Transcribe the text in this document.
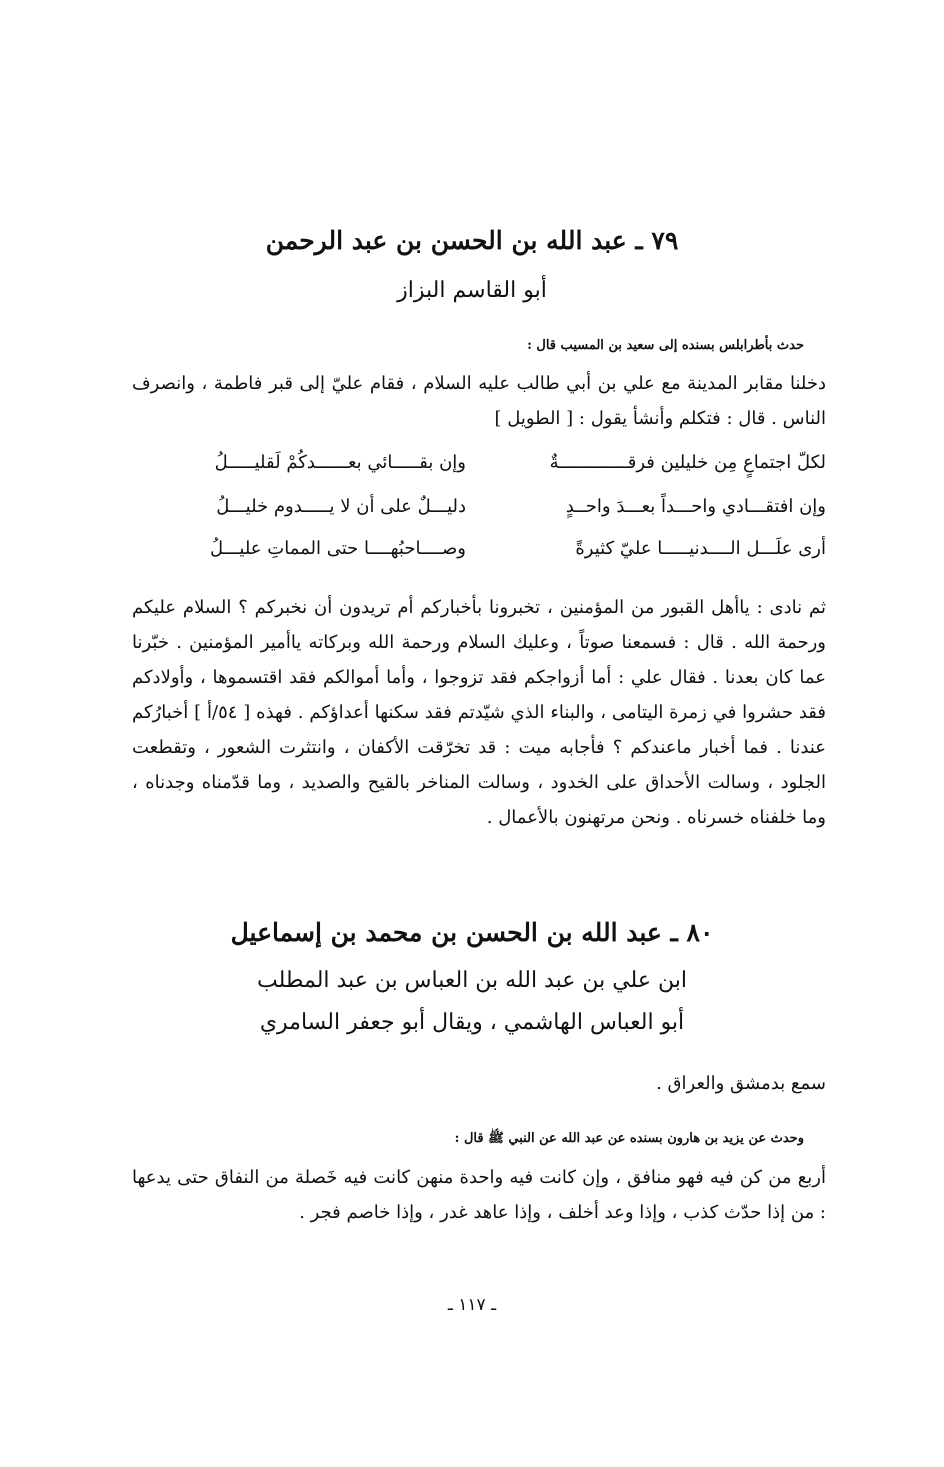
٧٩ ـ عبد الله بن الحسن بن عبد الرحمن
أبو القاسم البزاز
حدث بأطرابلس بسنده إلى سعيد بن المسيب قال :
دخلنا مقابر المدينة مع علي بن أبي طالب عليه السلام ، فقام عليّ إلى قبر فاطمة ، وانصرف الناس . قال : فتكلم وأنشأ يقول : [ الطويل ]
لكلّ اجتماعٍ مِن خليلين فرقـــــــــــــةٌ
وإن بقـــــائي بعــــــدكُمْ لَقليـــــلُ
وإن افتقـــادي واحـــداً بعـــدَ واحــدٍ
دليـــلٌ على أن لا يـــــدوم خليـــلُ
أرى علَـــل الــــدنيـــــا عليّ كثيرةً
وصــــاحبُهــــا حتى المماتِ عليـــلُ
ثم نادى : ياأهل القبور من المؤمنين ، تخبرونا بأخباركم أم تريدون أن نخبركم ؟ السلام عليكم ورحمة الله . قال : فسمعنا صوتاً ، وعليك السلام ورحمة الله وبركاته ياأمير المؤمنين . خبّرنا عما كان بعدنا . فقال علي : أما أزواجكم فقد تزوجوا ، وأما أموالكم فقد اقتسموها ، وأولادكم فقد حشروا في زمرة اليتامى ، والبناء الذي شيّدتم فقد سكنها أعداؤكم . فهذه [ ٥٤/أ ] أخبارُكم عندنا . فما أخبار ماعندكم ؟ فأجابه ميت : قد تخرّقت الأكفان ، وانتثرت الشعور ، وتقطعت الجلود ، وسالت الأحداق على الخدود ، وسالت المناخر بالقيح والصديد ، وما قدّمناه وجدناه ، وما خلفناه خسرناه . ونحن مرتهنون بالأعمال .
٨٠ ـ عبد الله بن الحسن بن محمد بن إسماعيل
ابن علي بن عبد الله بن العباس بن عبد المطلب
أبو العباس الهاشمي ، ويقال أبو جعفر السامري
سمع بدمشق والعراق .
وحدث عن يزيد بن هارون بسنده عن عبد الله عن النبي ﷺ قال :
أربع من كن فيه فهو منافق ، وإن كانت فيه واحدة منهن كانت فيه خَصلة من النفاق حتى يدعها : من إذا حدّث كذب ، وإذا وعد أخلف ، وإذا عاهد غدر ، وإذا خاصم فجر .
ـ ١١٧ ـ
